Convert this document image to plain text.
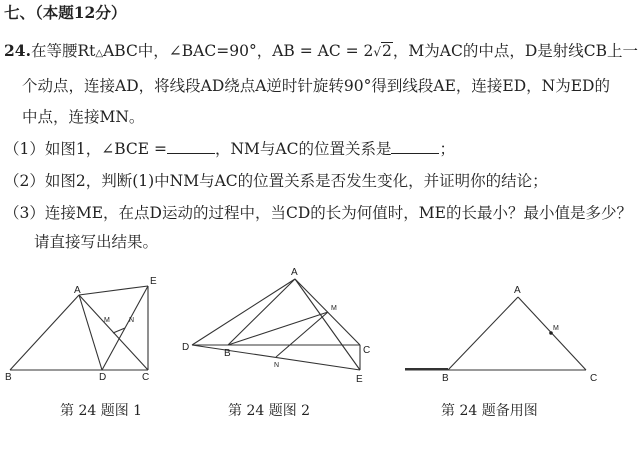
七、（本题12分）
24.在等腰Rt△ABC中，∠BAC=90°，AB = AC = 2√2，M为AC的中点，D是射线CB上一
个动点，连接AD，将线段AD绕点A逆时针旋转90°得到线段AE，连接ED，N为ED的
中点，连接MN。
（1）如图1，∠BCE =	，NM与AC的位置关系是	；
（2）如图2，判断(1)中NM与AC的位置关系是否发生变化，并证明你的结论；
（3）连接ME，在点D运动的过程中，当CD的长为何值时，ME的长最小？最小值是多少？
请直接写出结果。
A
B	C
D
E
M	N
A
B	C
D
E
M
N
A
B	C
M
第 24 题图 1	第 24 题图 2	第 24 题备用图
